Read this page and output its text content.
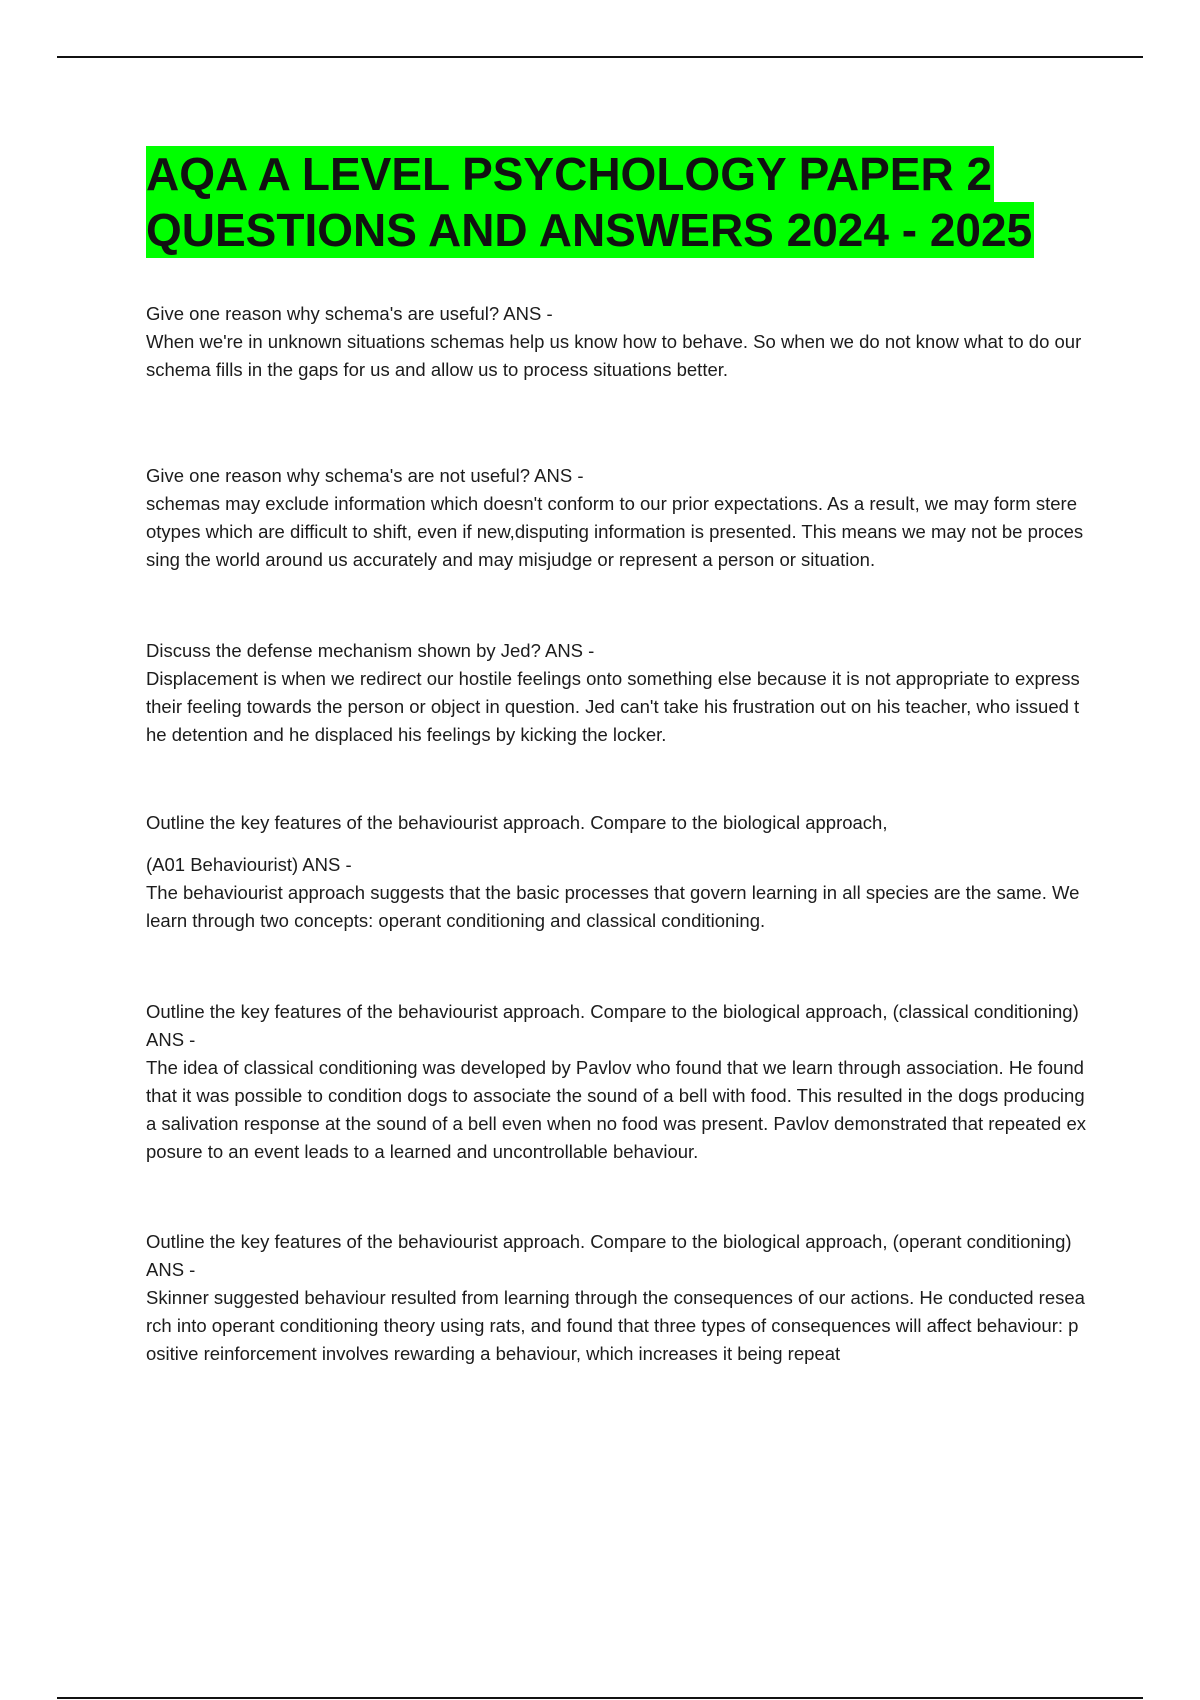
AQA A LEVEL PSYCHOLOGY PAPER 2
QUESTIONS AND ANSWERS 2024 - 2025

Give one reason why schema's are useful? ANS -

When we're in unknown situations schemas help us know how to behave. So when we do not know what to do our schema fills in the gaps for us and allow us to process situations better.

Give one reason why schema's are not useful? ANS -

schemas may exclude information which doesn't conform to our prior expectations. As a result, we may form stereotypes which are difficult to shift, even if new,disputing information is presented. This means we may not be processing the world around us accurately and may misjudge or represent a person or situation.

Discuss the defense mechanism shown by Jed? ANS -

Displacement is when we redirect our hostile feelings onto something else because it is not appropriate to express their feeling towards the person or object in question. Jed can't take his frustration out on his teacher, who issued the detention and he displaced his feelings by kicking the locker.

Outline the key features of the behaviourist approach. Compare to the biological approach,

(A01 Behaviourist) ANS -

The behaviourist approach suggests that the basic processes that govern learning in all species are the same. We learn through two concepts: operant conditioning and classical conditioning.

Outline the key features of the behaviourist approach. Compare to the biological approach, (classical conditioning) ANS -

The idea of classical conditioning was developed by Pavlov who found that we learn through association. He found that it was possible to condition dogs to associate the sound of a bell with food. This resulted in the dogs producing a salivation response at the sound of a bell even when no food was present. Pavlov demonstrated that repeated exposure to an event leads to a learned and uncontrollable behaviour.

Outline the key features of the behaviourist approach. Compare to the biological approach, (operant conditioning) ANS -

Skinner suggested behaviour resulted from learning through the consequences of our actions. He conducted research into operant conditioning theory using rats, and found that three types of consequences will affect behaviour: positive reinforcement involves rewarding a behaviour, which increases it being repeat
